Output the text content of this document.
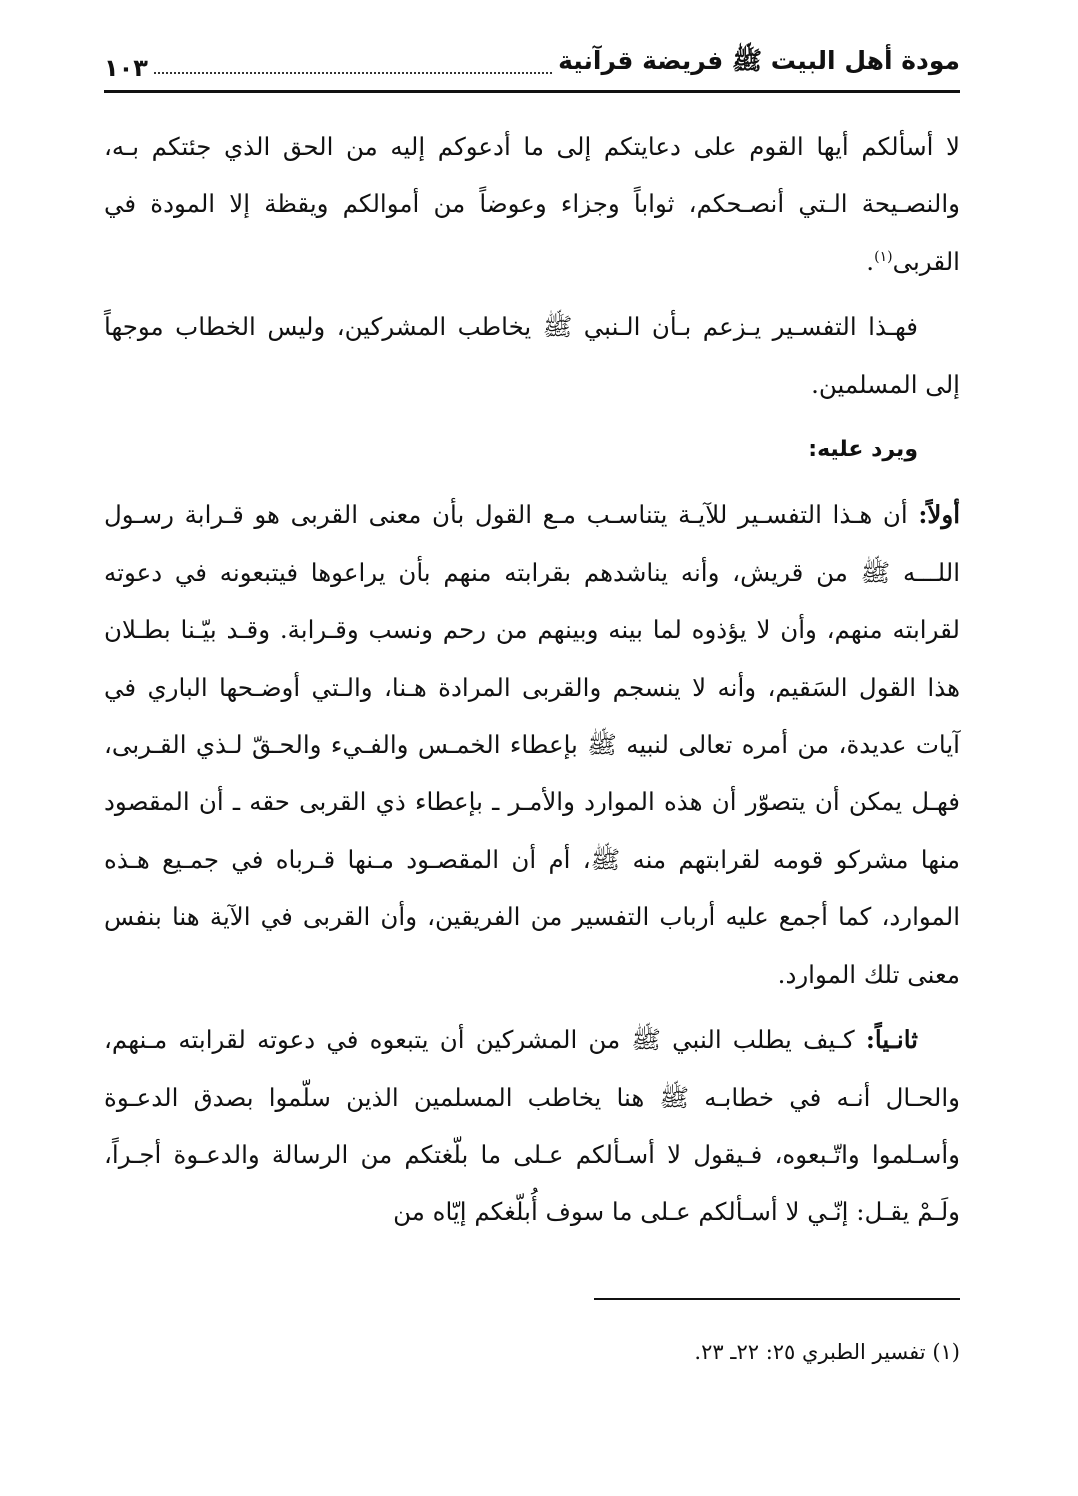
مودة أهل البيت ﷺ فريضة قرآنية
١٠٣

لا أسألكم أيها القوم على دعايتكم إلى ما أدعوكم إليه من الحق الذي جئتكم بـه، والنصـيحة الـتي أنصـحكم، ثواباً وجزاء وعوضاً من أموالكم ويقظة إلا المودة في القربى$^{(١)}$.

فهـذا التفسـير يـزعم بـأن الـنبي ﷺ يخاطب المشركين، وليس الخطاب موجهاً إلى المسلمين.

ويرد عليه:

أولاً: أن هـذا التفسـير للآيـة يتناسـب مـع القول بأن معنى القربى هو قـرابة رسـول اللـــه ﷺ من قريش، وأنه يناشدهم بقرابته منهم بأن يراعوها فيتبعونه في دعوته لقرابته منهم، وأن لا يؤذوه لما بينه وبينهم من رحم ونسب وقـرابة. وقـد بيّـنا بطـلان هذا القول السَقيم، وأنه لا ينسجم والقربى المرادة هـنا، والـتي أوضـحها الباري في آيات عديدة، من أمره تعالى لنبيه ﷺ بإعطاء الخمـس والفـيء والحـقّ لـذي القـربى، فهـل يمكن أن يتصوّر أن هذه الموارد والأمـر ـ بإعطاء ذي القربى حقه ـ أن المقصود منها مشركو قومه لقرابتهم منه ﷺ، أم أن المقصـود مـنها قـرباه في جمـيع هـذه الموارد، كما أجمع عليه أرباب التفسير من الفريقين، وأن القربى في الآية هنا بنفس معنى تلك الموارد.

ثانـياً: كـيف يطلب النبي ﷺ من المشركين أن يتبعوه في دعوته لقرابته مـنهم، والحـال أنـه في خطابـه ﷺ هنا يخاطب المسلمين الذين سلّموا بصدق الدعـوة وأسـلموا واتّـبعوه، فـيقول لا أسـألكم عـلى ما بلّغتكم من الرسالة والدعـوة أجـراً، ولَـمْ يقـل: إنّـي لا أسـألكم عـلى ما سوف أُبلّغكم إيّاه من

(١) تفسير الطبري ٢٥: ٢٢ـ ٢٣.
